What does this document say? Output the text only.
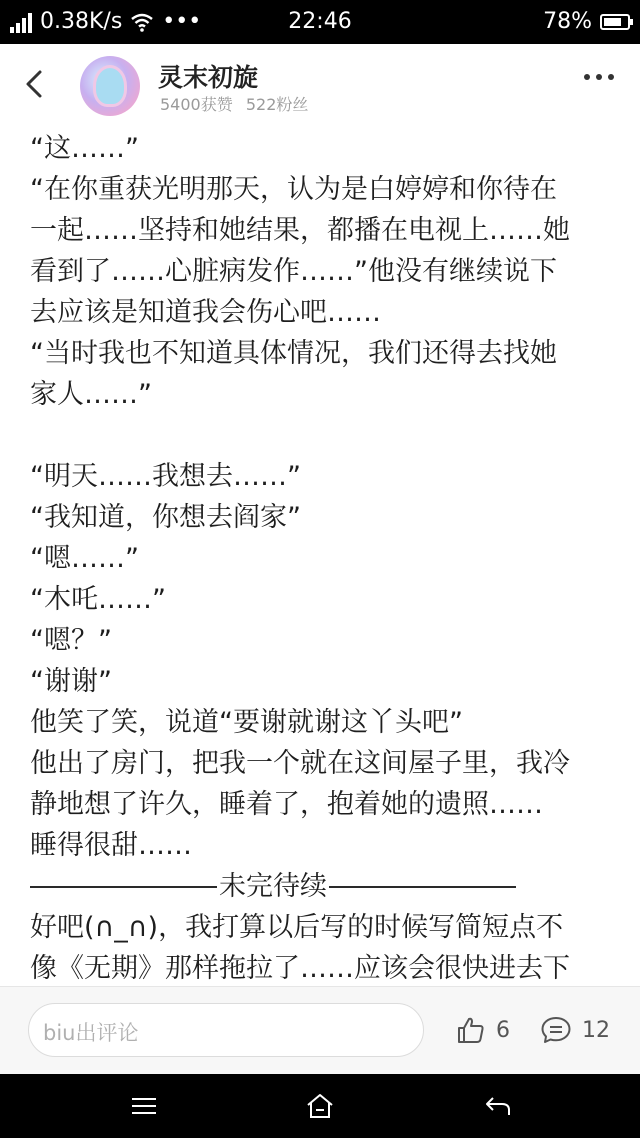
0.38K/s •••	22:46	78%
灵末初旋
5400获赞 522粉丝

“这……”

“在你重获光明那天，认为是白婷婷和你待在

一起……坚持和她结果，都播在电视上……她

看到了……心脏病发作……”他没有继续说下

去应该是知道我会伤心吧……

“当时我也不知道具体情况，我们还得去找她

家人……”

“明天……我想去……”

“我知道，你想去阎家”

“嗯……”

“木吒……”

“嗯？”

“谢谢”

他笑了笑，说道“要谢就谢这丫头吧”

他出了房门，把我一个就在这间屋子里，我冷

静地想了许久，睡着了，抱着她的遗照……

睡得很甜……

未完待续

好吧(∩_∩)，我打算以后写的时候写简短点不

像《无期》那样拖拉了……应该会很快进去下

biu出评论	6	12
